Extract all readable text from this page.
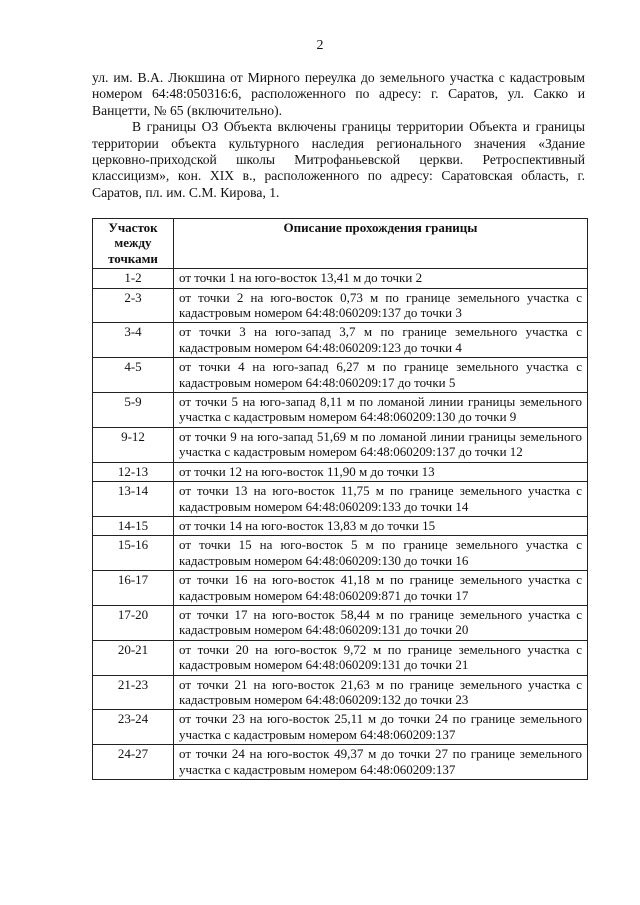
2

ул. им. В.А. Люкшина от Мирного переулка до земельного участка с кадастровым номером 64:48:050316:6, расположенного по адресу: г. Саратов, ул. Сакко и Ванцетти, № 65 (включительно).

В границы ОЗ Объекта включены границы территории Объекта и границы территории объекта культурного наследия регионального значения «Здание церковно-приходской школы Митрофаньевской церкви. Ретроспективный классицизм», кон. XIX в., расположенного по адресу: Саратовская область, г. Саратов, пл. им. С.М. Кирова, 1.

Участок между точками	Описание прохождения границы
1-2	от точки 1 на юго-восток 13,41 м до точки 2
2-3	от точки 2 на юго-восток 0,73 м по границе земельного участка с кадастровым номером 64:48:060209:137 до точки 3
3-4	от точки 3 на юго-запад 3,7 м по границе земельного участка с кадастровым номером 64:48:060209:123 до точки 4
4-5	от точки 4 на юго-запад 6,27 м по границе земельного участка с кадастровым номером 64:48:060209:17 до точки 5
5-9	от точки 5 на юго-запад 8,11 м по ломаной линии границы земельного участка с кадастровым номером 64:48:060209:130 до точки 9
9-12	от точки 9 на юго-запад 51,69 м по ломаной линии границы земельного участка с кадастровым номером 64:48:060209:137 до точки 12
12-13	от точки 12 на юго-восток 11,90 м до точки 13
13-14	от точки 13 на юго-восток 11,75 м по границе земельного участка с кадастровым номером 64:48:060209:133 до точки 14
14-15	от точки 14 на юго-восток 13,83 м до точки 15
15-16	от точки 15 на юго-восток 5 м по границе земельного участка с кадастровым номером 64:48:060209:130 до точки 16
16-17	от точки 16 на юго-восток 41,18 м по границе земельного участка с кадастровым номером 64:48:060209:871 до точки 17
17-20	от точки 17 на юго-восток 58,44 м по границе земельного участка с кадастровым номером 64:48:060209:131 до точки 20
20-21	от точки 20 на юго-восток 9,72 м по границе земельного участка с кадастровым номером 64:48:060209:131 до точки 21
21-23	от точки 21 на юго-восток 21,63 м по границе земельного участка с кадастровым номером 64:48:060209:132 до точки 23
23-24	от точки 23 на юго-восток 25,11 м до точки 24 по границе земельного участка с кадастровым номером 64:48:060209:137
24-27	от точки 24 на юго-восток 49,37 м до точки 27 по границе земельного участка с кадастровым номером 64:48:060209:137
